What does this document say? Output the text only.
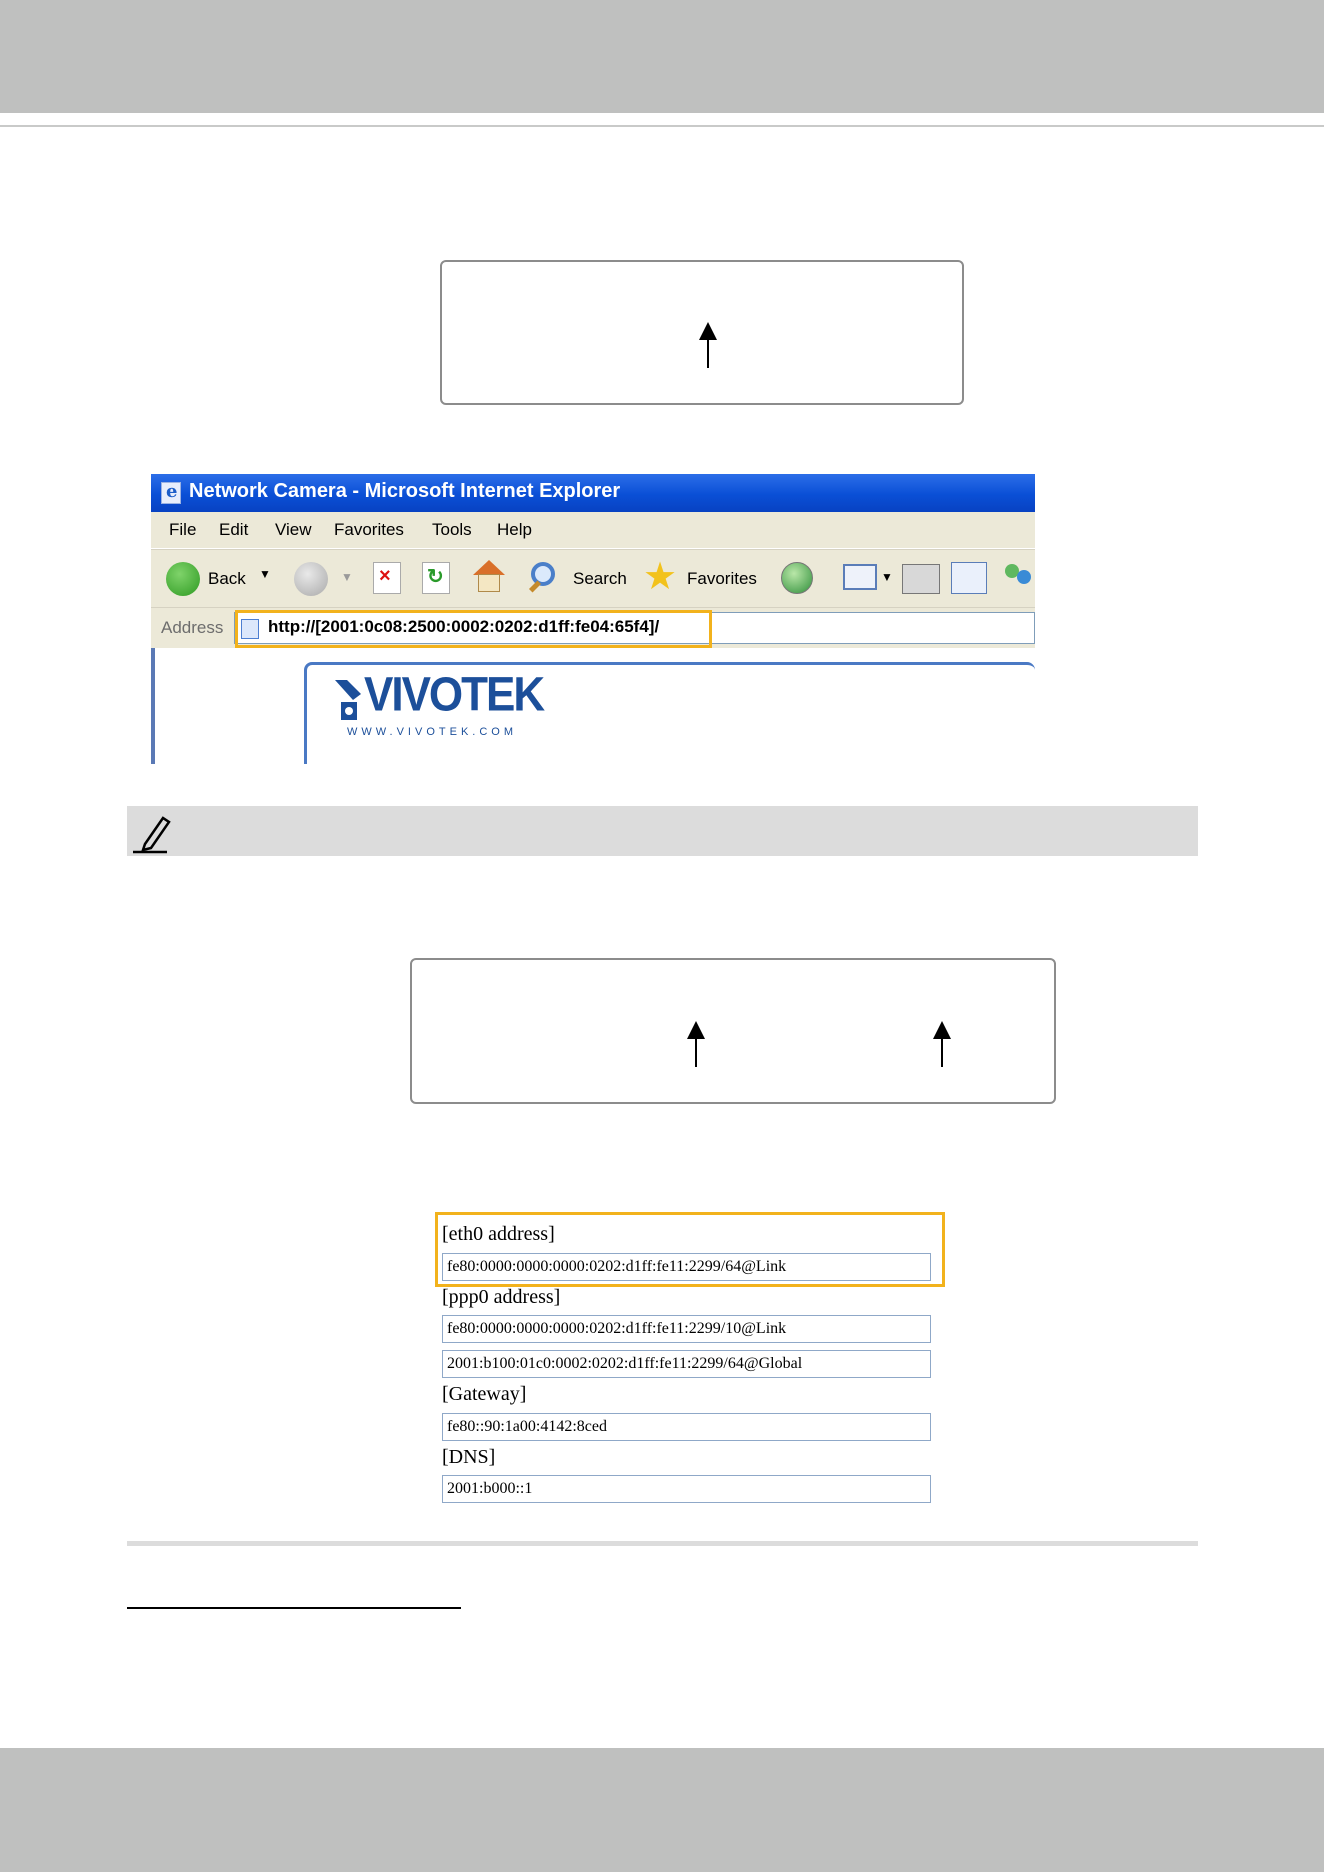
e
Network Camera - Microsoft Internet Explorer
File Edit View Favorites Tools Help
Back ▼	▼ × ↻	Search ★ Favorites	▼
Address	http://[2001:0c08:2500:0002:0202:d1ff:fe04:65f4]/
VIVOTEK
WWW.VIVOTEK.COM
[eth0 address]
fe80:0000:0000:0000:0202:d1ff:fe11:2299/64@Link
[ppp0 address]
fe80:0000:0000:0000:0202:d1ff:fe11:2299/10@Link
2001:b100:01c0:0002:0202:d1ff:fe11:2299/64@Global
[Gateway]
fe80::90:1a00:4142:8ced
[DNS]
2001:b000::1
